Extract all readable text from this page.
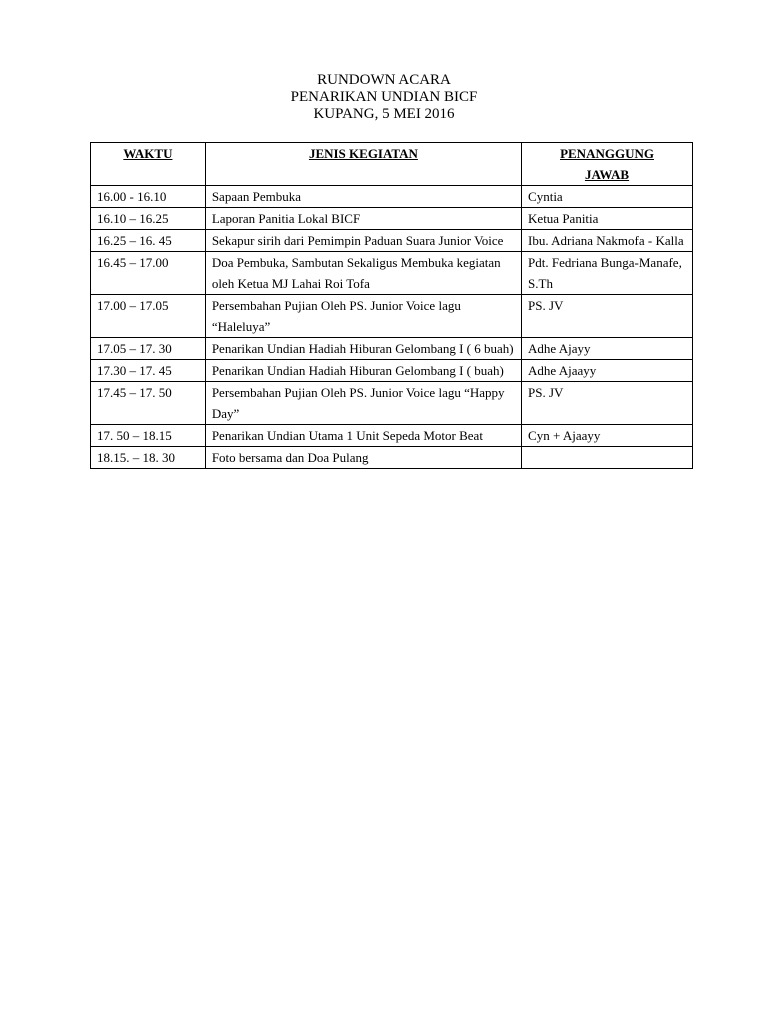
RUNDOWN ACARA
PENARIKAN UNDIAN BICF
KUPANG, 5 MEI 2016
WAKTU	JENIS KEGIATAN	PENANGGUNG JAWAB
16.00 - 16.10	Sapaan Pembuka	Cyntia
16.10 – 16.25	Laporan Panitia Lokal BICF	Ketua Panitia
16.25 – 16. 45	Sekapur sirih dari Pemimpin Paduan Suara Junior Voice	Ibu. Adriana Nakmofa - Kalla
16.45 – 17.00	Doa Pembuka, Sambutan Sekaligus Membuka kegiatan oleh Ketua MJ Lahai Roi Tofa	Pdt. Fedriana Bunga-Manafe, S.Th
17.00 – 17.05	Persembahan Pujian Oleh PS. Junior Voice lagu “Haleluya”	PS. JV
17.05 – 17. 30	Penarikan Undian Hadiah Hiburan Gelombang I ( 6 buah)	Adhe Ajayy
17.30 – 17. 45	Penarikan Undian Hadiah Hiburan Gelombang I ( buah)	Adhe Ajaayy
17.45 – 17. 50	Persembahan Pujian Oleh PS. Junior Voice lagu “Happy Day”	PS. JV
17. 50 – 18.15	Penarikan Undian Utama 1 Unit Sepeda Motor Beat	Cyn + Ajaayy
18.15. – 18. 30	Foto bersama dan Doa Pulang	
